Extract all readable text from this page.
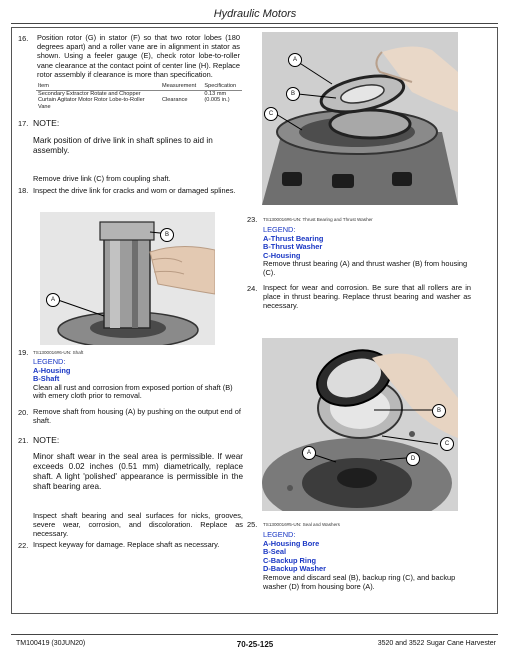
Hydraulic Motors
16. Position rotor (G) in stator (F) so that two rotor lobes (180 degrees apart) and a roller vane are in alignment in stator as shown. Using a feeler gauge (E), check rotor lobe-to-roller vane clearance at the contact point of center line (H). Replace rotor assembly if clearance is more than specification.
Item	Measurement	Specification
Secondary Extractor Rotate and Chopper Curtain Agitator Motor Rotor Lobe-to-Roller Vane	Clearance	0.13 mm
(0.005 in.)
17. NOTE:
Mark position of drive link in shaft splines to aid in assembly.
Remove drive link (C) from coupling shaft.
18. Inspect the drive link for cracks and worn or damaged splines.
A
B
C
B
A
23. TS1300016#6-UN: Thrust Bearing and Thrust Washer
LEGEND:
A-Thrust Bearing
B-Thrust Washer
C-Housing
Remove thrust bearing (A) and thrust washer (B) from housing (C).
24. Inspect for wear and corrosion. Be sure that all rollers are in place in thrust bearing. Replace thrust bearing and washer as necessary.
19. TS1300016#6-UN: Shaft
LEGEND:
A-Housing
B-Shaft
Clean all rust and corrosion from exposed portion of shaft (B) with emery cloth prior to removal.
20. Remove shaft from housing (A) by pushing on the output end of shaft.
21. NOTE:
Minor shaft wear in the seal area is permissible. If wear exceeds 0.02 inches (0.51 mm) diametrically, replace shaft. A light 'polished' appearance is permissible in the shaft bearing area.
Inspect shaft bearing and seal surfaces for nicks, grooves, severe wear, corrosion, and discoloration. Replace as necessary.
22. Inspect keyway for damage. Replace shaft as necessary.
B
C
A
D
25. TS1300016#5-UN: Seal and Washers
LEGEND:
A-Housing Bore
B-Seal
C-Backup Ring
D-Backup Washer
Remove and discard seal (B), backup ring (C), and backup washer (D) from housing bore (A).
TM100419 (30JUN20)	70-25-125	3520 and 3522 Sugar Cane Harvester
